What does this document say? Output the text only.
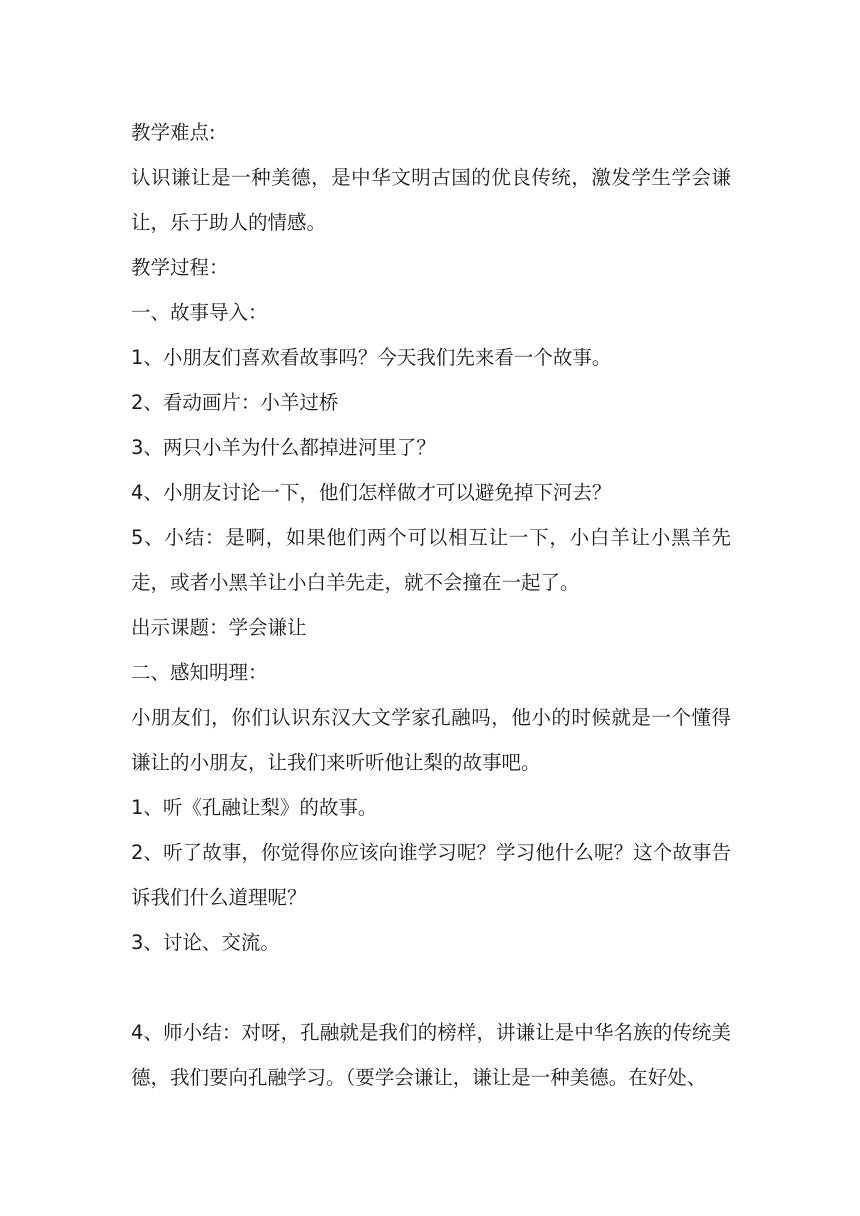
教学难点:

认识谦让是一种美德，是中华文明古国的优良传统，激发学生学会谦让，乐于助人的情感。

教学过程：

一、故事导入：

1、小朋友们喜欢看故事吗？今天我们先来看一个故事。

2、看动画片：小羊过桥

3、两只小羊为什么都掉进河里了？

4、小朋友讨论一下，他们怎样做才可以避免掉下河去？

5、小结：是啊，如果他们两个可以相互让一下，小白羊让小黑羊先走，或者小黑羊让小白羊先走，就不会撞在一起了。

出示课题：学会谦让

二、感知明理：

小朋友们，你们认识东汉大文学家孔融吗，他小的时候就是一个懂得谦让的小朋友，让我们来听听他让梨的故事吧。

1、听《孔融让梨》的故事。

2、听了故事，你觉得你应该向谁学习呢？学习他什么呢？这个故事告诉我们什么道理呢？

3、讨论、交流。

4、师小结：对呀，孔融就是我们的榜样，讲谦让是中华名族的传统美德，我们要向孔融学习。（要学会谦让，谦让是一种美德。在好处、
